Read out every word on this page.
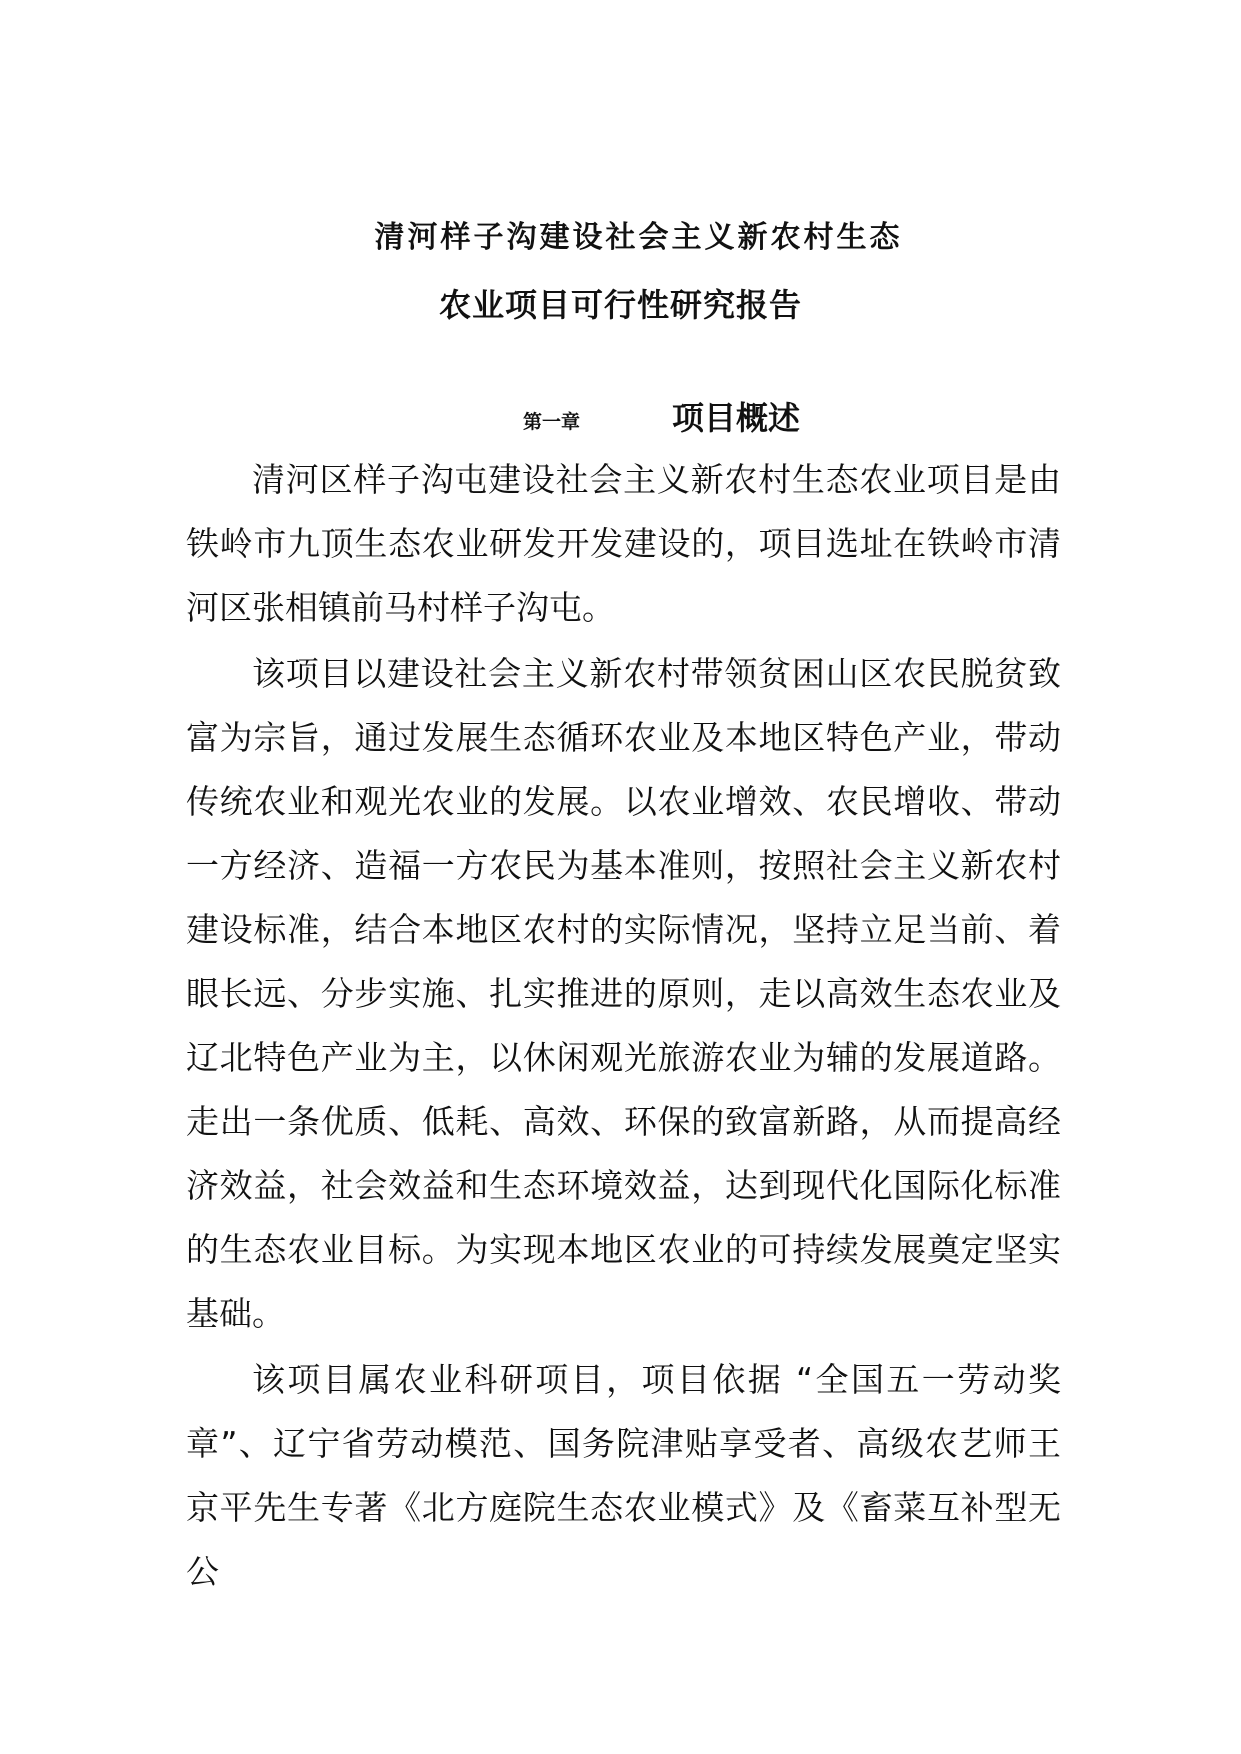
清河样子沟建设社会主义新农村生态
农业项目可行性研究报告
第一章	项目概述

清河区样子沟屯建设社会主义新农村生态农业项目是由铁岭市九顶生态农业研发开发建设的，项目选址在铁岭市清河区张相镇前马村样子沟屯。

该项目以建设社会主义新农村带领贫困山区农民脱贫致富为宗旨，通过发展生态循环农业及本地区特色产业，带动传统农业和观光农业的发展。以农业增效、农民增收、带动一方经济、造福一方农民为基本准则，按照社会主义新农村建设标准，结合本地区农村的实际情况，坚持立足当前、着眼长远、分步实施、扎实推进的原则，走以高效生态农业及辽北特色产业为主，以休闲观光旅游农业为辅的发展道路。走出一条优质、低耗、高效、环保的致富新路，从而提高经济效益，社会效益和生态环境效益，达到现代化国际化标准的生态农业目标。为实现本地区农业的可持续发展奠定坚实基础。

该项目属农业科研项目，项目依据 “全国五一劳动奖章”、辽宁省劳动模范、国务院津贴享受者、高级农艺师王京平先生专著《北方庭院生态农业模式》及《畜菜互补型无公
